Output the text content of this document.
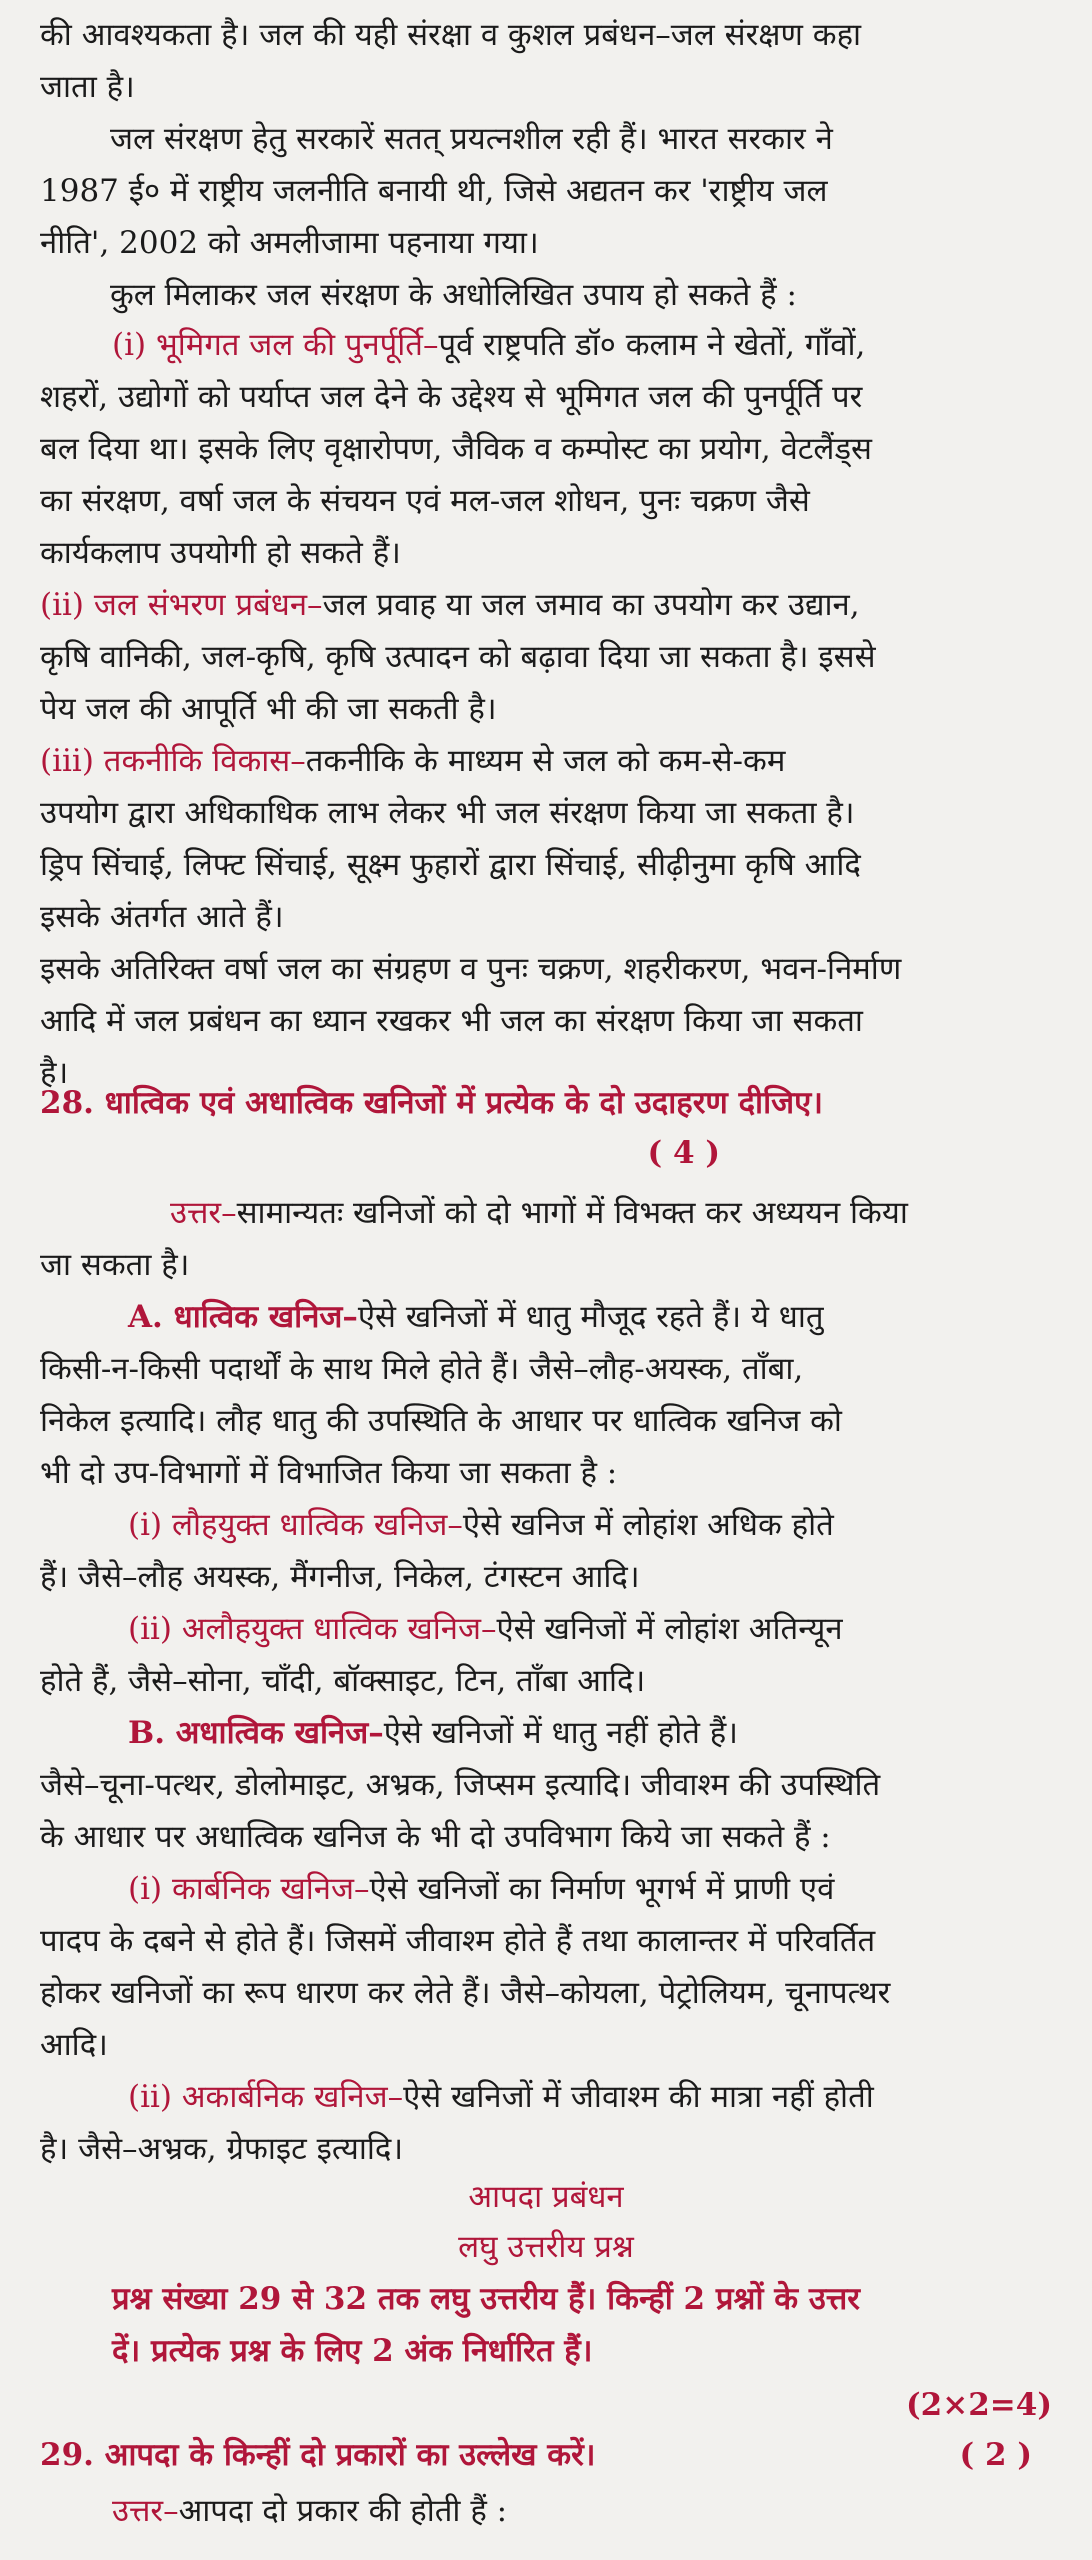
की आवश्यकता है। जल की यही संरक्षा व कुशल प्रबंधन–जल संरक्षण कहा
जाता है।
जल संरक्षण हेतु सरकारें सतत् प्रयत्नशील रही हैं। भारत सरकार ने
1987 ई० में राष्ट्रीय जलनीति बनायी थी, जिसे अद्यतन कर 'राष्ट्रीय जल
नीति', 2002 को अमलीजामा पहनाया गया।
कुल मिलाकर जल संरक्षण के अधोलिखित उपाय हो सकते हैं :
(i) भूमिगत जल की पुनर्पूर्ति–पूर्व राष्ट्रपति डॉ० कलाम ने खेतों, गाँवों,
शहरों, उद्योगों को पर्याप्त जल देने के उद्देश्य से भूमिगत जल की पुनर्पूर्ति पर
बल दिया था। इसके लिए वृक्षारोपण, जैविक व कम्पोस्ट का प्रयोग, वेटलैंड्स
का संरक्षण, वर्षा जल के संचयन एवं मल-जल शोधन, पुनः चक्रण जैसे
कार्यकलाप उपयोगी हो सकते हैं।
(ii) जल संभरण प्रबंधन–जल प्रवाह या जल जमाव का उपयोग कर उद्यान,
कृषि वानिकी, जल-कृषि, कृषि उत्पादन को बढ़ावा दिया जा सकता है। इससे
पेय जल की आपूर्ति भी की जा सकती है।
(iii) तकनीकि विकास–तकनीकि के माध्यम से जल को कम-से-कम
उपयोग द्वारा अधिकाधिक लाभ लेकर भी जल संरक्षण किया जा सकता है।
ड्रिप सिंचाई, लिफ्ट सिंचाई, सूक्ष्म फुहारों द्वारा सिंचाई, सीढ़ीनुमा कृषि आदि
इसके अंतर्गत आते हैं।
इसके अतिरिक्त वर्षा जल का संग्रहण व पुनः चक्रण, शहरीकरण, भवन-निर्माण
आदि में जल प्रबंधन का ध्यान रखकर भी जल का संरक्षण किया जा सकता
है।
28. धात्विक एवं अधात्विक खनिजों में प्रत्येक के दो उदाहरण दीजिए।
( 4 )
उत्तर–सामान्यतः खनिजों को दो भागों में विभक्त कर अध्ययन किया
जा सकता है।
A. धात्विक खनिज–ऐसे खनिजों में धातु मौजूद रहते हैं। ये धातु
किसी-न-किसी पदार्थों के साथ मिले होते हैं। जैसे–लौह-अयस्क, ताँबा,
निकेल इत्यादि। लौह धातु की उपस्थिति के आधार पर धात्विक खनिज को
भी दो उप-विभागों में विभाजित किया जा सकता है :
(i) लौहयुक्त धात्विक खनिज–ऐसे खनिज में लोहांश अधिक होते
हैं। जैसे–लौह अयस्क, मैंगनीज, निकेल, टंगस्टन आदि।
(ii) अलौहयुक्त धात्विक खनिज–ऐसे खनिजों में लोहांश अतिन्यून
होते हैं, जैसे–सोना, चाँदी, बॉक्साइट, टिन, ताँबा आदि।
B. अधात्विक खनिज–ऐसे खनिजों में धातु नहीं होते हैं।
जैसे–चूना-पत्थर, डोलोमाइट, अभ्रक, जिप्सम इत्यादि। जीवाश्म की उपस्थिति
के आधार पर अधात्विक खनिज के भी दो उपविभाग किये जा सकते हैं :
(i) कार्बनिक खनिज–ऐसे खनिजों का निर्माण भूगर्भ में प्राणी एवं
पादप के दबने से होते हैं। जिसमें जीवाश्म होते हैं तथा कालान्तर में परिवर्तित
होकर खनिजों का रूप धारण कर लेते हैं। जैसे–कोयला, पेट्रोलियम, चूनापत्थर
आदि।
(ii) अकार्बनिक खनिज–ऐसे खनिजों में जीवाश्म की मात्रा नहीं होती
है। जैसे–अभ्रक, ग्रेफाइट इत्यादि।
आपदा प्रबंधन
लघु उत्तरीय प्रश्न
प्रश्न संख्या 29 से 32 तक लघु उत्तरीय हैं। किन्हीं 2 प्रश्नों के उत्तर
दें। प्रत्येक प्रश्न के लिए 2 अंक निर्धारित हैं।
(2×2=4)
29. आपदा के किन्हीं दो प्रकारों का उल्लेख करें।	( 2 )
उत्तर–आपदा दो प्रकार की होती हैं :
